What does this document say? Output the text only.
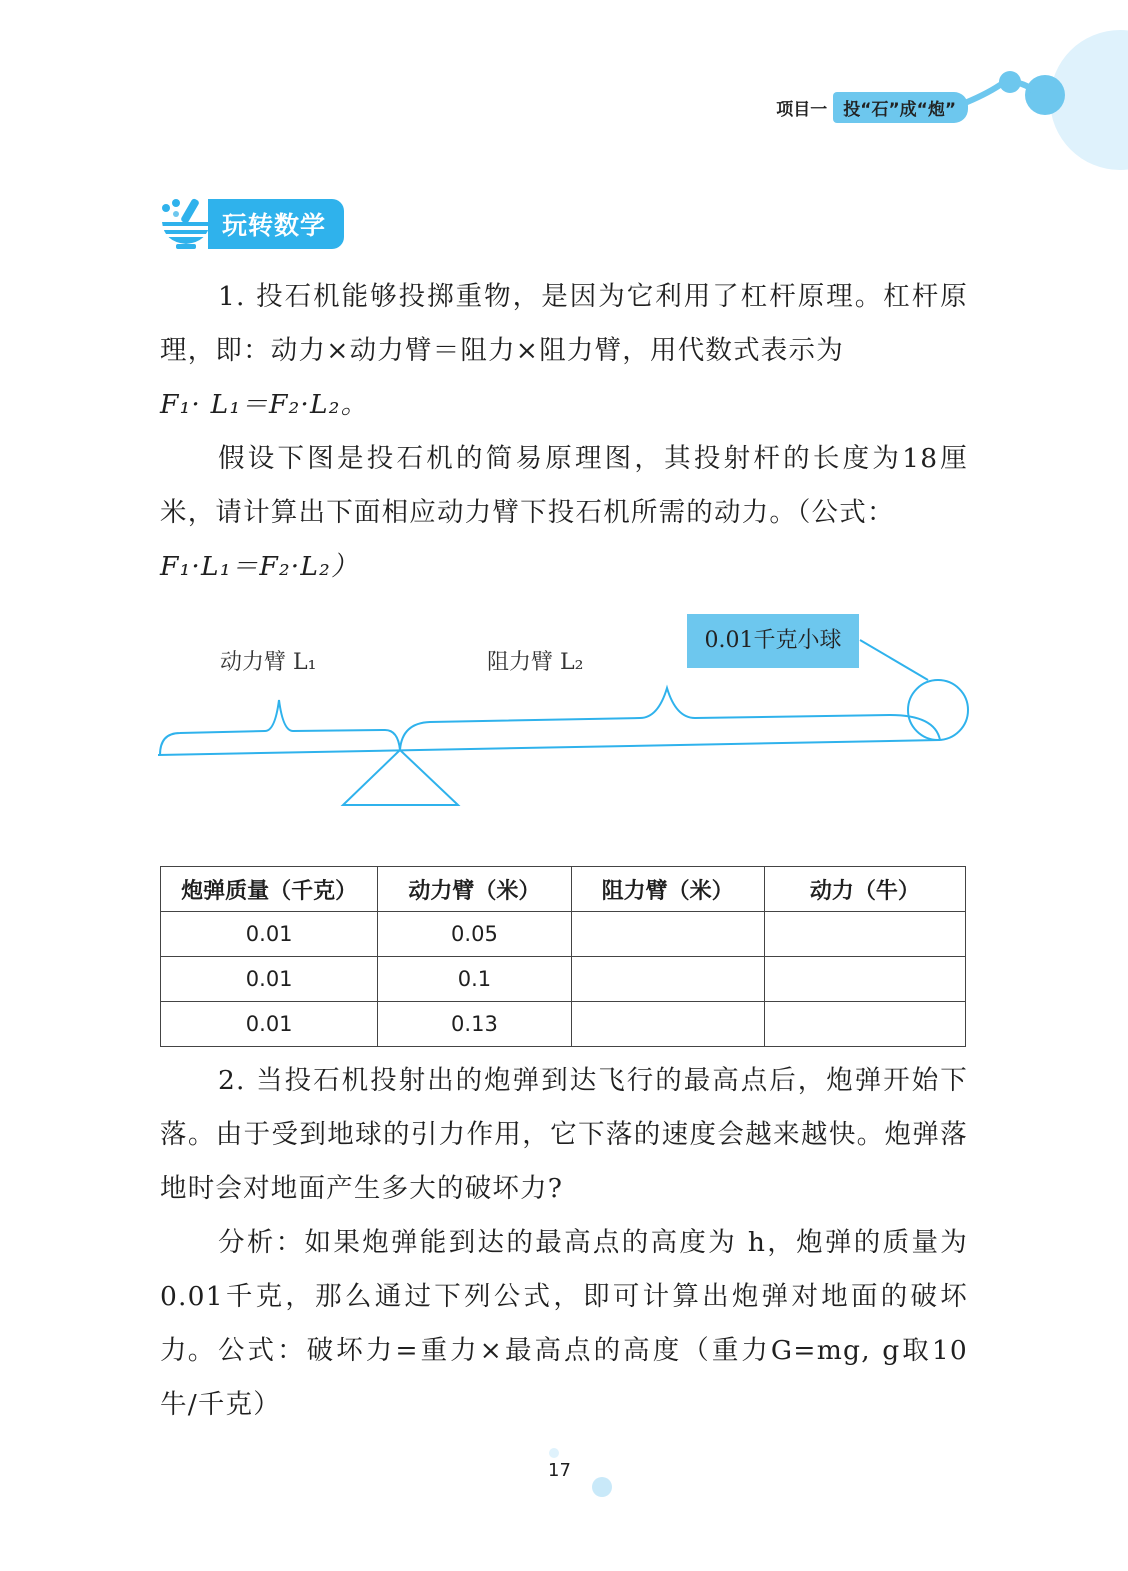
项目一 投“石”成“炮”
玩转数学
1. 投石机能够投掷重物，是因为它利用了杠杆原理。杠杆原理，即：动力×动力臂＝阻力×阻力臂，用代数式表示为
F₁· L₁＝F₂·L₂。
假设下图是投石机的简易原理图，其投射杆的长度为18厘米，请计算出下面相应动力臂下投石机所需的动力。（公式：
F₁·L₁＝F₂·L₂）
动力臂 L₁	阻力臂 L₂
0.01千克小球
炮弹质量（千克）	动力臂（米）	阻力臂（米）	动力（牛）
0.01	0.05		
0.01	0.1		
0.01	0.13		
2. 当投石机投射出的炮弹到达飞行的最高点后，炮弹开始下落。由于受到地球的引力作用，它下落的速度会越来越快。炮弹落地时会对地面产生多大的破坏力?
分析：如果炮弹能到达的最高点的高度为 h，炮弹的质量为0.01千克，那么通过下列公式，即可计算出炮弹对地面的破坏力。 公式：破坏力=重力×最高点的高度（重力G=mg, g取10 牛/千克）
17
